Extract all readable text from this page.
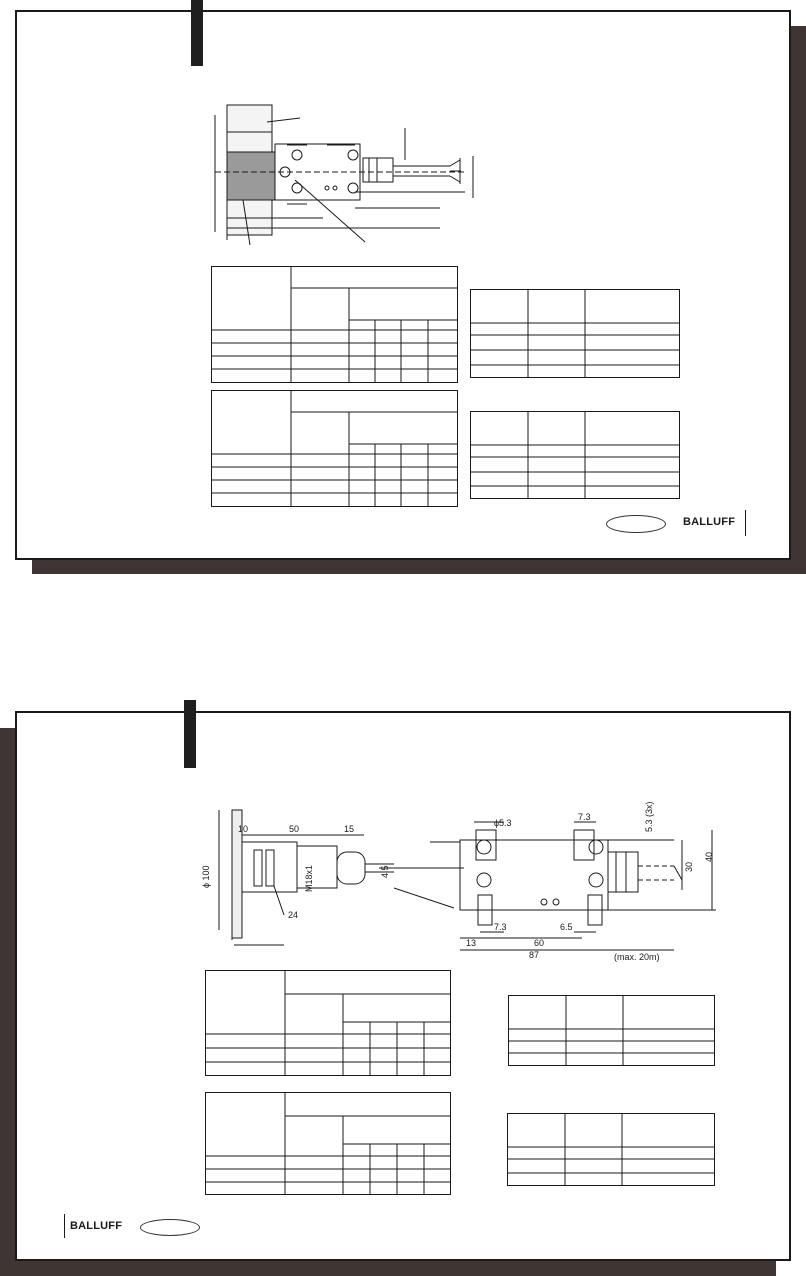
BALLUFF
10	50	15
ϕ 100	M18x1
24
4.5
ϕ5.3
7.3	5.3 (3x)
30
40
13
7.3
60
6.5
87	(max. 20m)
BALLUFF
